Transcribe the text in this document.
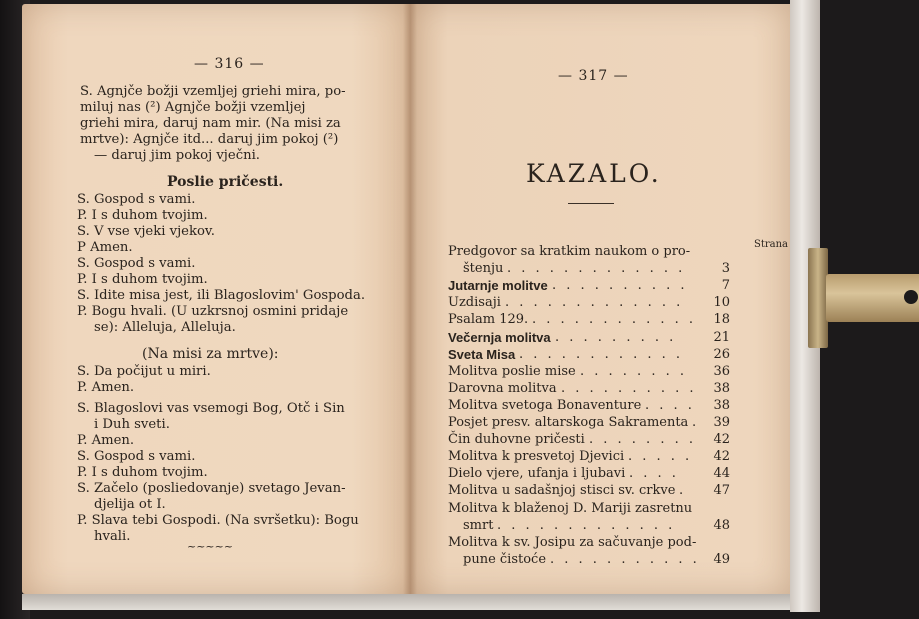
— 316 —
S. Agnjče božji vzemljej griehi mira, po-
miluj nas (²) Agnjče božji vzemljej
griehi mira, daruj nam mir. (Na misi za
mrtve): Agnjče itd... daruj jim pokoj (²)
— daruj jim pokoj vječni.
Poslie pričesti.
S. Gospod s vami.
P. I s duhom tvojim.
S. V vse vjeki vjekov.
P Amen.
S. Gospod s vami.
P. I s duhom tvojim.
S. Idite misa jest, ili Blagoslovim' Gospoda.
P. Bogu hvali. (U uzkrsnoj osmini pridaje
se): Alleluja, Alleluja.
(Na misi za mrtve):
S. Da počijut u miri.
P. Amen.
S. Blagoslovi vas vsemogi Bog, Otč i Sin
i Duh sveti.
P. Amen.
S. Gospod s vami.
P. I s duhom tvojim.
S. Začelo (posliedovanje) svetago Jevan-
djelija ot I.
P. Slava tebi Gospodi. (Na svršetku): Bogu
hvali.
~~~~~
— 317 —
KAZALO.
Strana
Predgovor sa kratkim naukom o pro-
štenju . . . . . . . . . . . . .	3
Jutarnje molitve . . . . . . . . . .	7
Uzdisaji . . . . . . . . . . . . .	10
Psalam 129. . . . . . . . . . . . .	18
Večernja molitva . . . . . . . . .	21
Sveta Misa . . . . . . . . . . . .	26
Molitva poslie mise . . . . . . . .	36
Darovna molitva . . . . . . . . . .	38
Molitva svetoga Bonaventure . . . .	38
Posjet presv. altarskoga Sakramenta .	39
Čin duhovne pričesti . . . . . . . .	42
Molitva k presvetoj Djevici . . . . .	42
Dielo vjere, ufanja i ljubavi . . . .	44
Molitva u sadašnjoj stisci sv. crkve .	47
Molitva k blaženoj D. Mariji zasretnu
smrt . . . . . . . . . . . . .	48
Molitva k sv. Josipu za sačuvanje pod-
pune čistoće . . . . . . . . . . .	49
